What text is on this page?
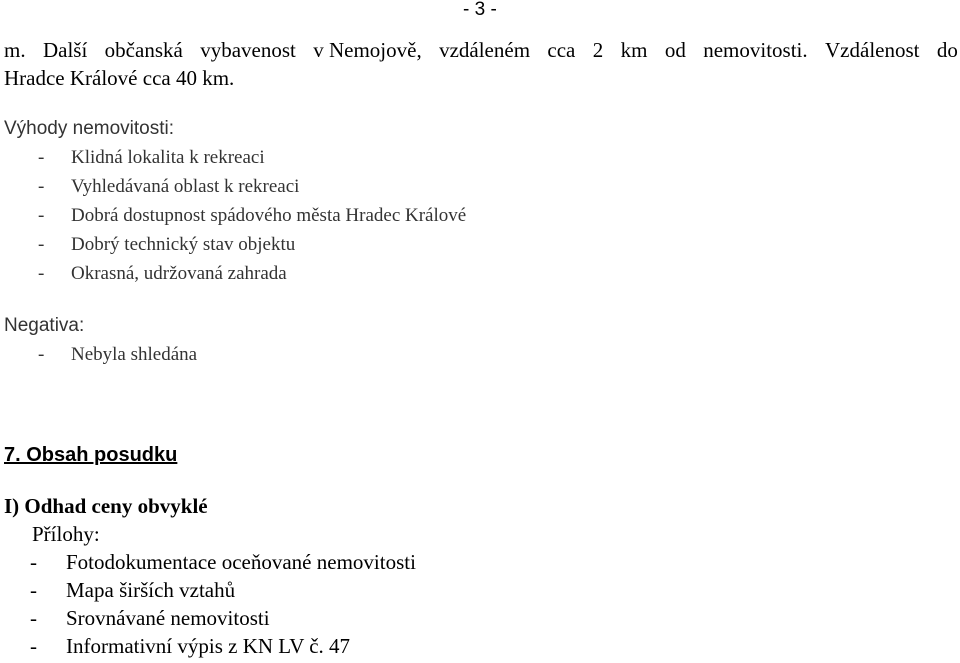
- 3 -
m. Další občanská vybavenost v Nemojově, vzdáleném cca 2 km od nemovitosti. Vzdálenost do
Hradce Králové cca 40 km.
Výhody nemovitosti:
- Klidná lokalita k rekreaci
- Vyhledávaná oblast k rekreaci
- Dobrá dostupnost spádového města Hradec Králové
- Dobrý technický stav objektu
- Okrasná, udržovaná zahrada
Negativa:
- Nebyla shledána
7. Obsah posudku
I) Odhad ceny obvyklé
Přílohy:
- Fotodokumentace oceňované nemovitosti
- Mapa širších vztahů
- Srovnávané nemovitosti
- Informativní výpis z KN LV č. 47
